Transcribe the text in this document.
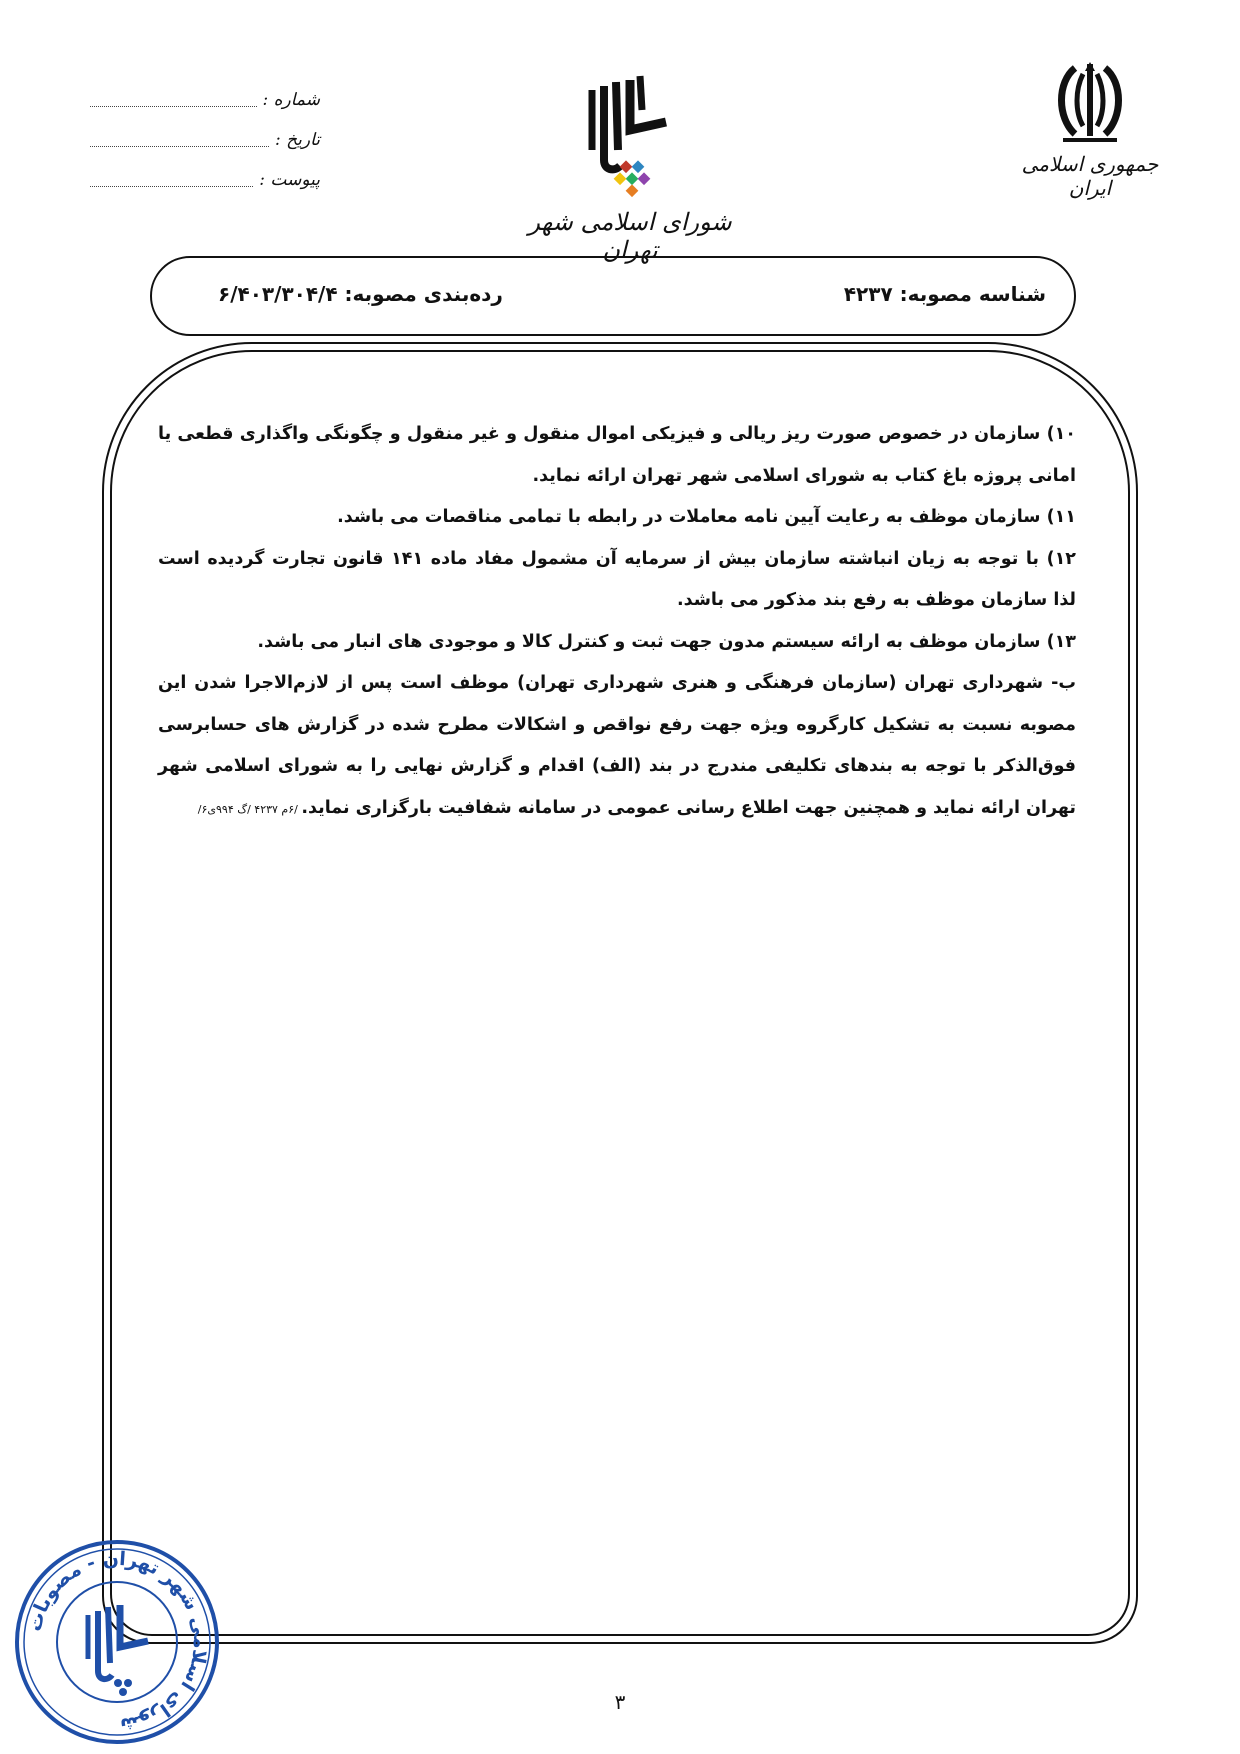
جمهوری اسلامی ایران
شورای اسلامی شهر تهران
شماره :
تاریخ :
پیوست :
شناسه مصوبه: ۴۲۳۷
رده‌بندی مصوبه: ۶/۴۰۳/۳۰۴/۴

۱۰) سازمان در خصوص صورت ریز ریالی و فیزیکی اموال منقول و غیر منقول و چگونگی واگذاری قطعی یا امانی پروژه باغ کتاب به شورای اسلامی شهر تهران ارائه نماید.

۱۱) سازمان موظف به رعایت آیین نامه معاملات در رابطه با تمامی مناقصات می باشد.

۱۲) با توجه به زیان انباشته سازمان بیش از سرمایه آن مشمول مفاد ماده ۱۴۱ قانون تجارت گردیده است لذا سازمان موظف به رفع بند مذکور می باشد.

۱۳) سازمان موظف به ارائه سیستم مدون جهت ثبت و کنترل کالا و موجودی های انبار می باشد.

ب- شهرداری تهران (سازمان فرهنگی و هنری شهرداری تهران) موظف است پس از لازم‌الاجرا شدن این مصوبه نسبت به تشکیل کارگروه ویژه جهت رفع نواقص و اشکالات مطرح شده در گزارش های حسابرسی فوق‌الذکر با توجه به بندهای تکلیفی مندرج در بند (الف) اقدام و گزارش نهایی را به شورای اسلامی شهر تهران ارائه نماید و همچنین جهت اطلاع رسانی عمومی در سامانه شفافیت بارگزاری نماید. /۶م ۴۲۳۷ /گ ۹۹۴ی۶/

شورای اسلامی شهر تهران - مصوبات
۳
